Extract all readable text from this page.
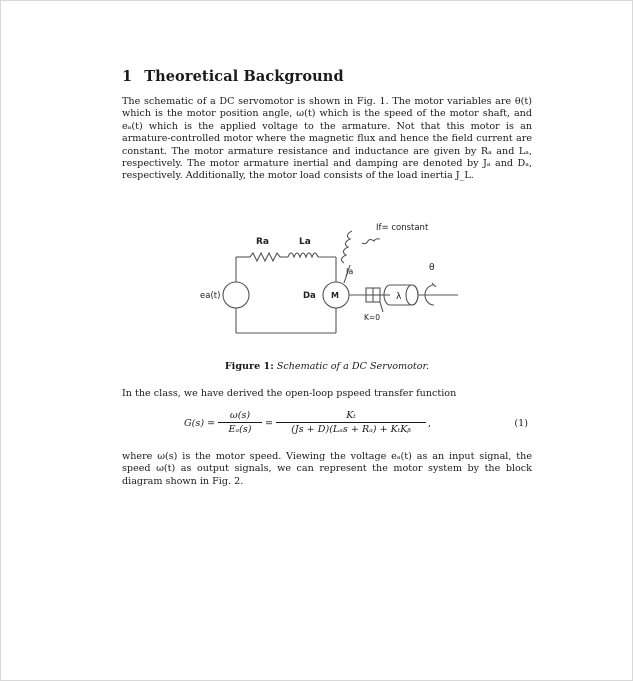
1 Theoretical Background
The schematic of a DC servomotor is shown in Fig. 1. The motor variables are θ(t) which is the motor position angle, ω(t) which is the speed of the motor shaft, and eₐ(t) which is the applied voltage to the armature. Not that this motor is an armature-controlled motor where the magnetic flux and hence the field current are constant. The motor armature resistance and inductance are given by Rₐ and Lₐ, respectively. The motor armature inertial and damping are denoted by Jₐ and Dₐ, respectively. Additionally, the motor load consists of the load inertia J_L.
Ra	La
If= constant
Ja	θ
ea(t)	Da M	λ
K=0
Figure 1: Schematic of a DC Servomotor.
In the class, we have derived the open-loop pspeed transfer function
G(s) =
ω(s)
Eₐ(s)
=
Kₜ
(Js + D)(Lₐs + Rₐ) + KₜKᵦ
,	(1)
where ω(s) is the motor speed. Viewing the voltage eₐ(t) as an input signal, the speed ω(t) as output signals, we can represent the motor system by the block diagram shown in Fig. 2.
